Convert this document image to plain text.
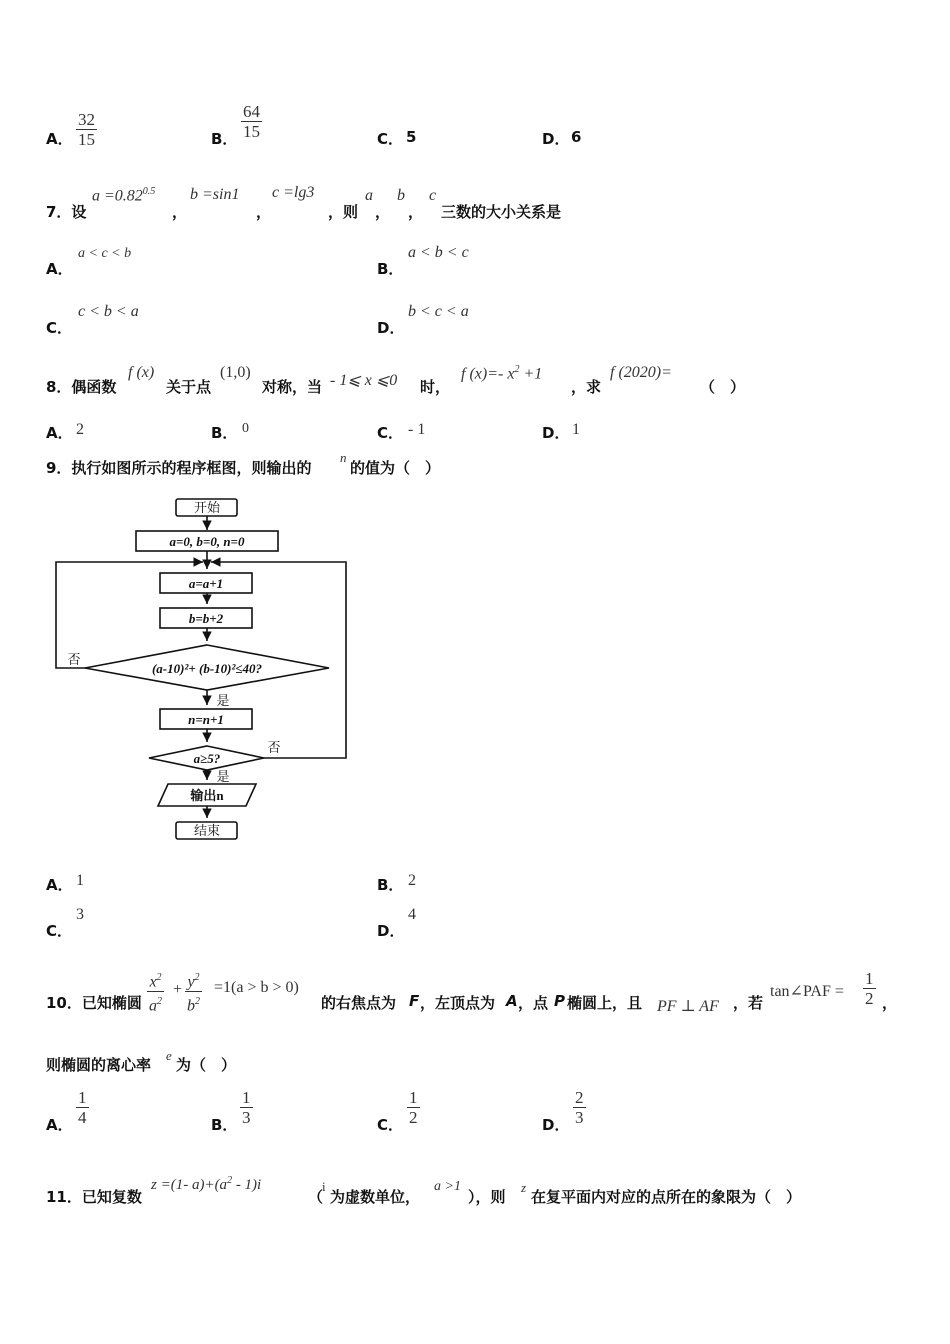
A． $\frac{32}{15}$	B． $\frac{64}{15}$	C． 5	D． 6
7．设
$a =0.82^{0.5}$
，
b =sin1
，
c =lg3
，则
a
，
b
，
c
三数的大小关系是
A．
a < c < b
B．
a < b < c
C．
c < b < a
D．
b < c < a
8．偶函数
f (x)
关于点
(1,0)
对称，当 - 1⩽ x ⩽0 时，
f (x)=- $x^2 +1$
，求
f (2020)=
（　）
A． 2	B． 0	C． - 1	D． 1
9．执行如图所示的程序框图，则输出的
n
的值为（　）
开始
a=0, b=0, n=0
a=a+1
b=b+2
(a-10)²+ (b-10)²≤40?
否
是
n=n+1
a≥5?
否
是
输出n
结束
A． 1	B． 2
C．
3
D．
4
10．已知椭圆 $\frac{x^2}{a^2} + \frac{y^2}{b^2} =1(a > b > 0)$
的右焦点为 F ，左顶点为 A ，点 P 椭圆上，且 PF ⊥ AF ，若
tan∠PAF = $\frac{1}{2}$ ，
则椭圆的离心率
e
为（　）
A． $\frac{1}{4}$	B． $\frac{1}{3}$	C． $\frac{1}{2}$	D． $\frac{2}{3}$
11．已知复数
z =(1- $a)+(a^2 - 1)i$
（
i
为虚数单位，
a >1
），则
z
在复平面内对应的点所在的象限为（　）
